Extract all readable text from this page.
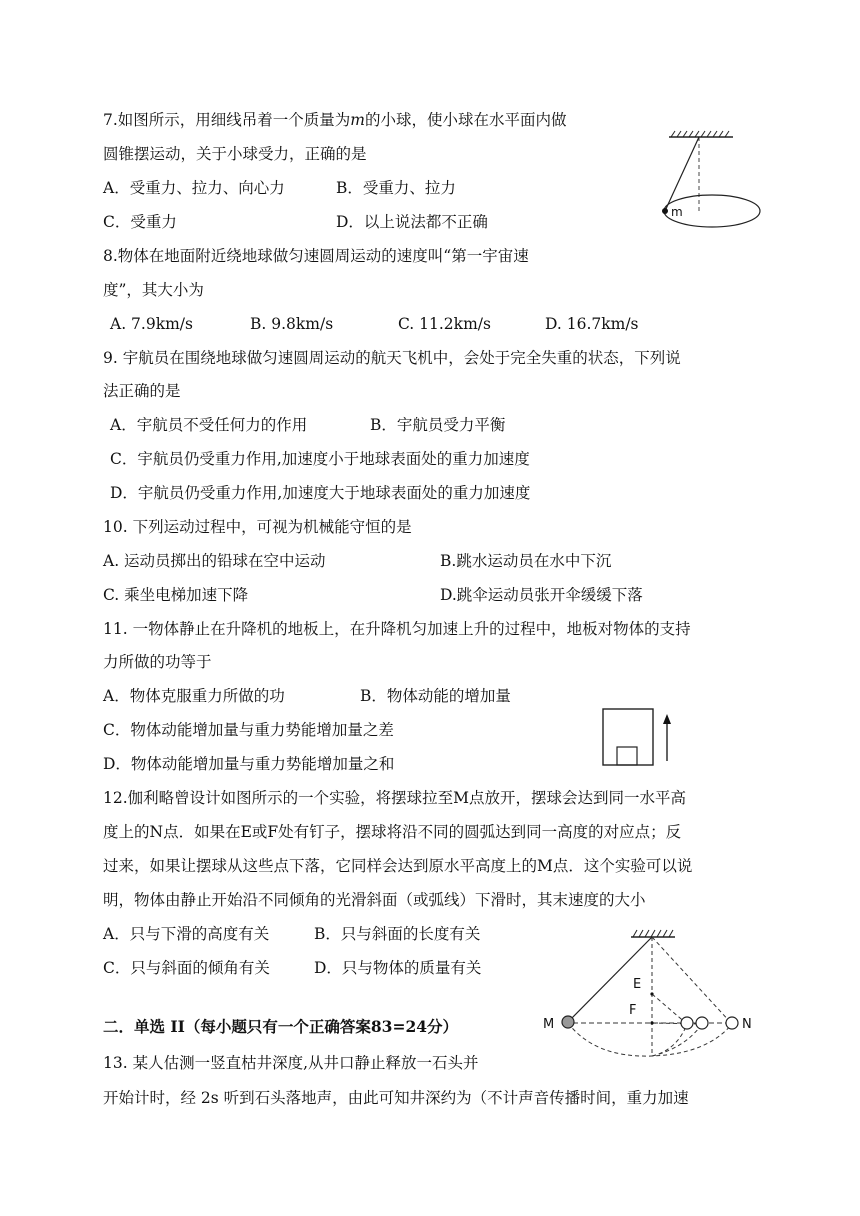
7.如图所示，用细线吊着一个质量为m的小球，使小球在水平面内做
圆锥摆运动，关于小球受力，正确的是
A．受重力、拉力、向心力	B．受重力、拉力
C．受重力	D．以上说法都不正确
m
8.物体在地面附近绕地球做匀速圆周运动的速度叫“第一宇宙速
度”，其大小为
A. 7.9km/s	B. 9.8km/s	C. 11.2km/s	D. 16.7km/s
9. 宇航员在围绕地球做匀速圆周运动的航天飞机中，会处于完全失重的状态，下列说
法正确的是
A．宇航员不受任何力的作用	B．宇航员受力平衡
C．宇航员仍受重力作用,加速度小于地球表面处的重力加速度
D．宇航员仍受重力作用,加速度大于地球表面处的重力加速度
10. 下列运动过程中，可视为机械能守恒的是
A. 运动员掷出的铅球在空中运动	B.跳水运动员在水中下沉
C. 乘坐电梯加速下降	D.跳伞运动员张开伞缓缓下落
11. 一物体静止在升降机的地板上，在升降机匀加速上升的过程中，地板对物体的支持
力所做的功等于
A．物体克服重力所做的功	B．物体动能的增加量
C．物体动能增加量与重力势能增加量之差
D．物体动能增加量与重力势能增加量之和
12.伽利略曾设计如图所示的一个实验，将摆球拉至M点放开，摆球会达到同一水平高
度上的N点．如果在E或F处有钉子，摆球将沿不同的圆弧达到同一高度的对应点；反
过来，如果让摆球从这些点下落，它同样会达到原水平高度上的M点．这个实验可以说
明，物体由静止开始沿不同倾角的光滑斜面（或弧线）下滑时，其末速度的大小
A．只与下滑的高度有关	B．只与斜面的长度有关
C．只与斜面的倾角有关	D．只与物体的质量有关
E
F
M	N
二．单选 II（每小题只有一个正确答案83=24分）
13. 某人估测一竖直枯井深度,从井口静止释放一石头并
开始计时，经 2s 听到石头落地声，由此可知井深约为（不计声音传播时间，重力加速
